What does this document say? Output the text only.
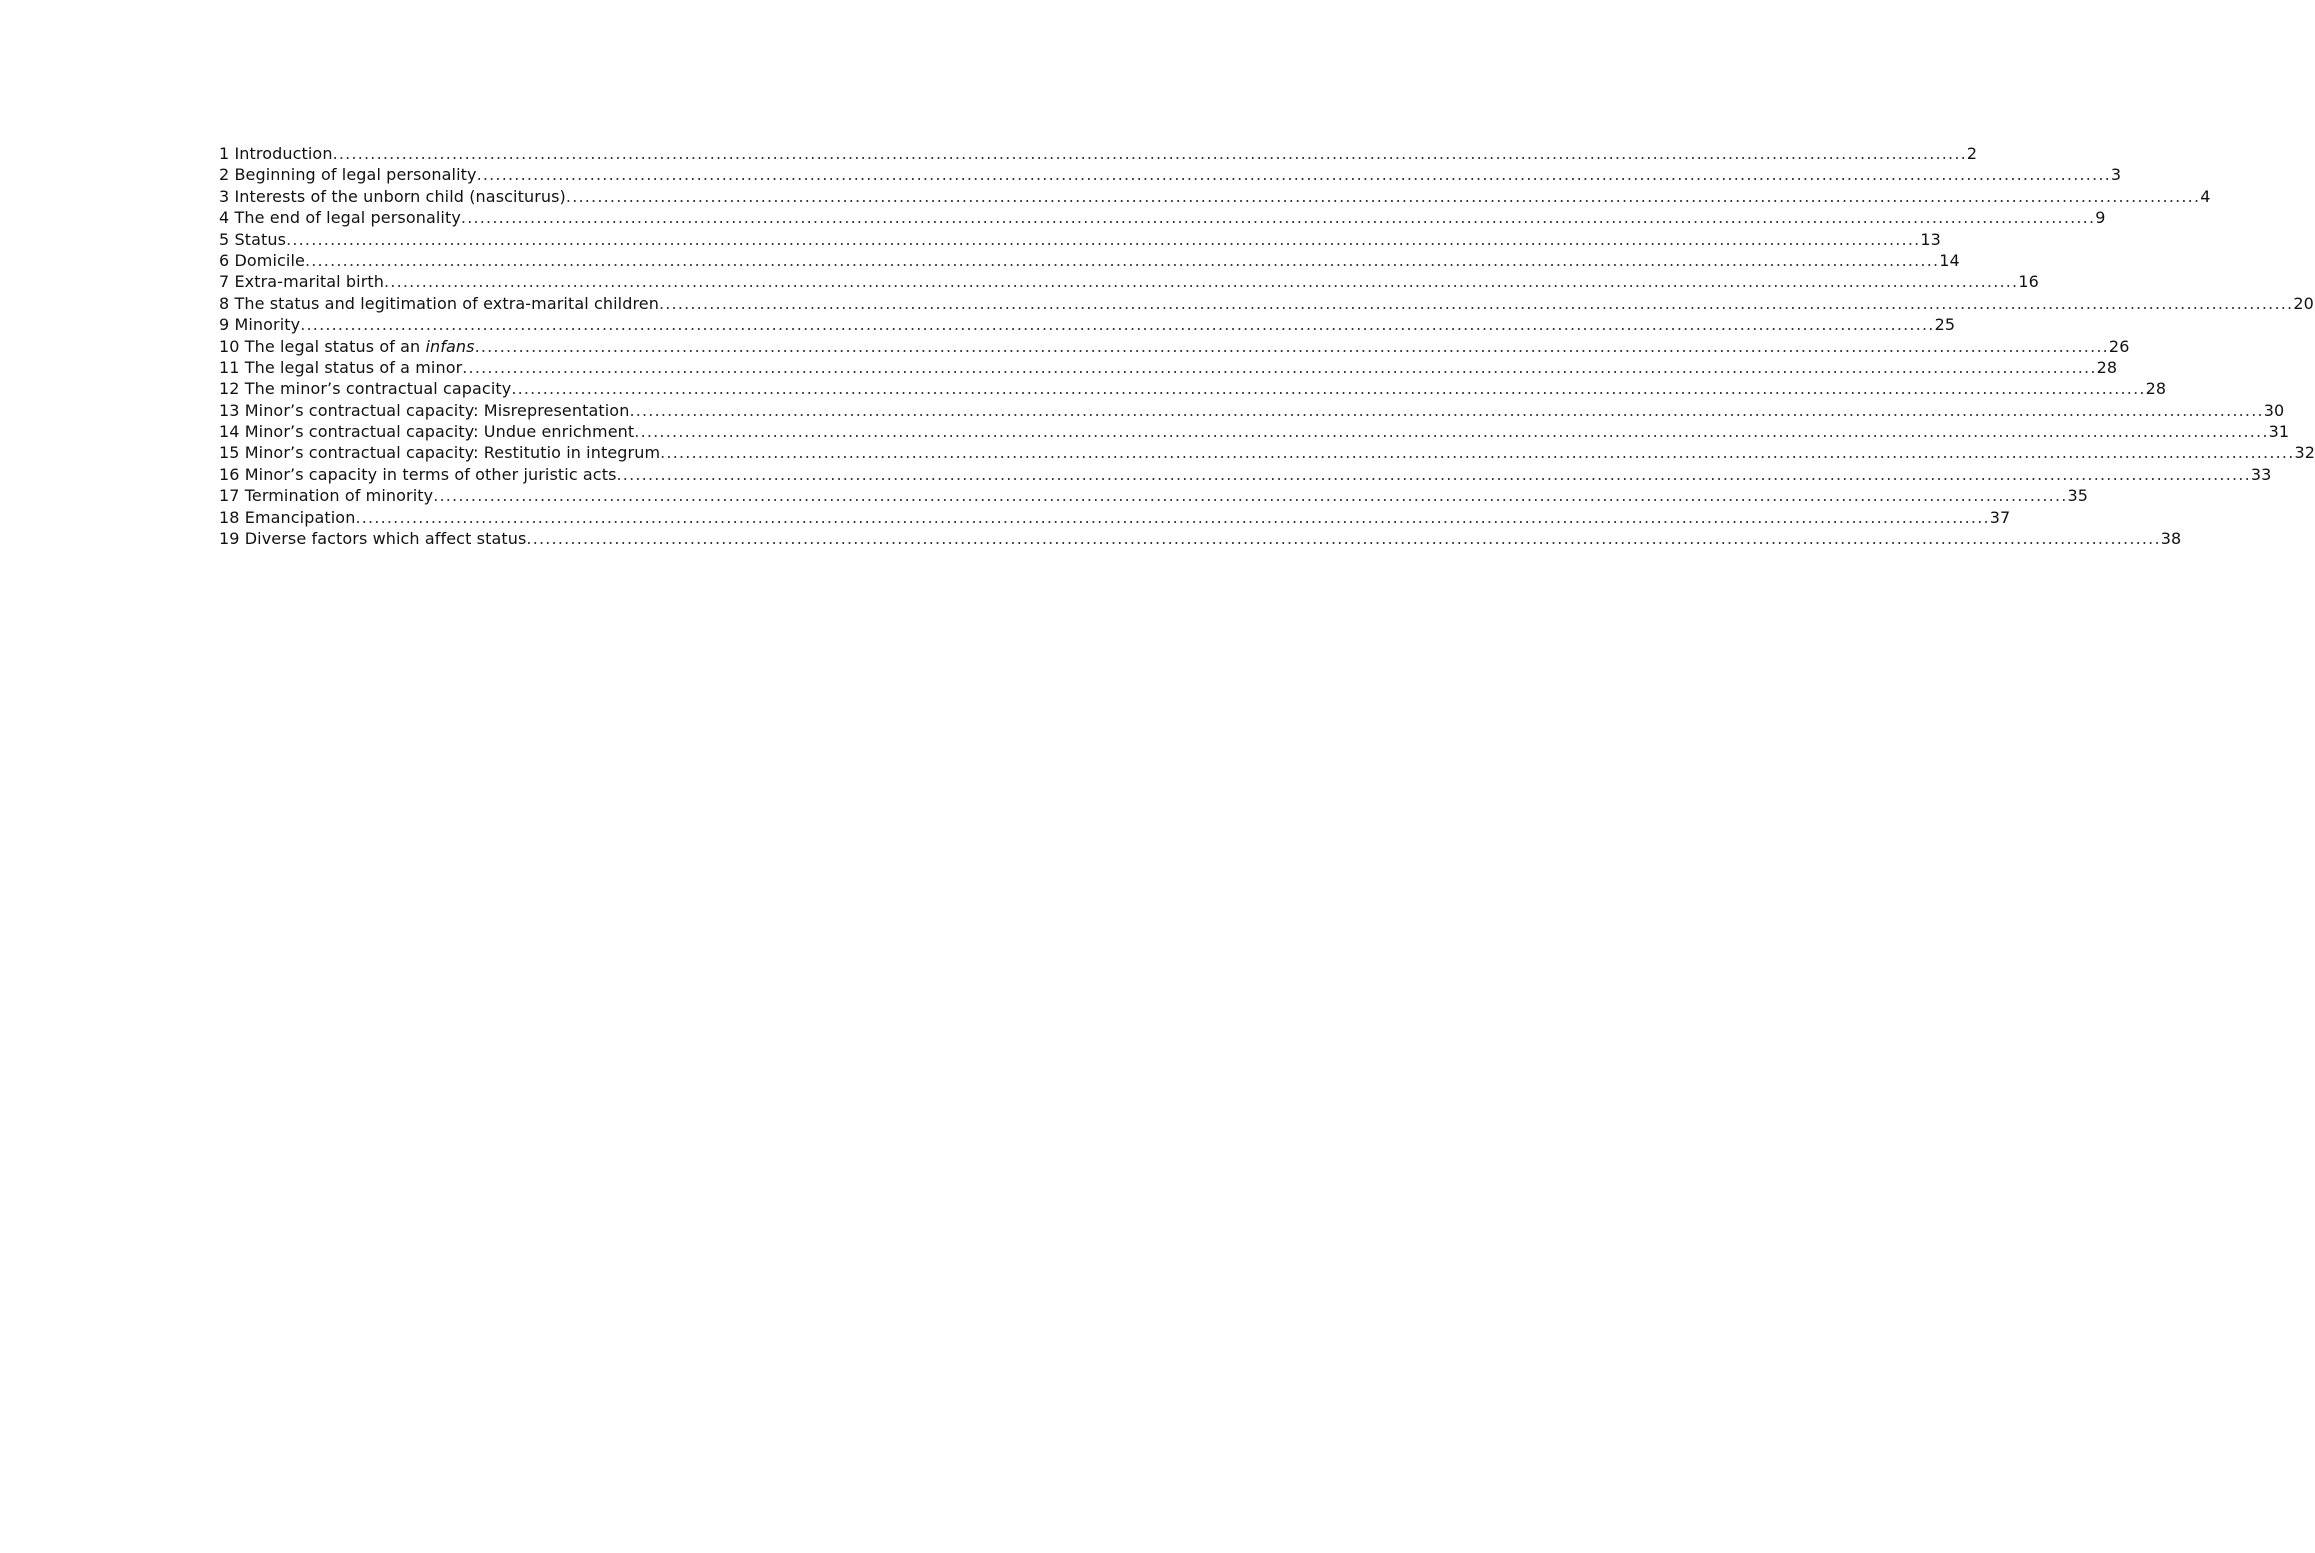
1 Introduction .................................................................................................................................................................................................................................................................... 2
2 Beginning of legal personality .................................................................................................................................................................................................................................................................... 3
3 Interests of the unborn child (nasciturus) .................................................................................................................................................................................................................................................................... 4
4 The end of legal personality .................................................................................................................................................................................................................................................................... 9
5 Status .................................................................................................................................................................................................................................................................... 13
6 Domicile .................................................................................................................................................................................................................................................................... 14
7 Extra-marital birth .................................................................................................................................................................................................................................................................... 16
8 The status and legitimation of extra-marital children .................................................................................................................................................................................................................................................................... 20
9 Minority .................................................................................................................................................................................................................................................................... 25
10 The legal status of an infans .................................................................................................................................................................................................................................................................... 26
11 The legal status of a minor .................................................................................................................................................................................................................................................................... 28
12 The minor’s contractual capacity .................................................................................................................................................................................................................................................................... 28
13 Minor’s contractual capacity: Misrepresentation .................................................................................................................................................................................................................................................................... 30
14 Minor’s contractual capacity: Undue enrichment .................................................................................................................................................................................................................................................................... 31
15 Minor’s contractual capacity: Restitutio in integrum .................................................................................................................................................................................................................................................................... 32
16 Minor’s capacity in terms of other juristic acts .................................................................................................................................................................................................................................................................... 33
17 Termination of minority .................................................................................................................................................................................................................................................................... 35
18 Emancipation .................................................................................................................................................................................................................................................................... 37
19 Diverse factors which affect status .................................................................................................................................................................................................................................................................... 38
